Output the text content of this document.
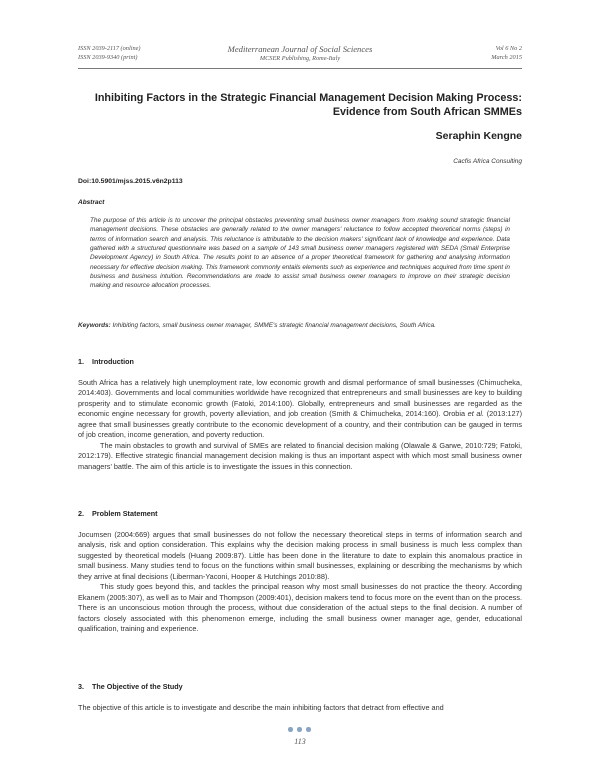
ISSN 2039-2117 (online)
ISSN 2039-9340 (print)
Mediterranean Journal of Social Sciences
MCSER Publishing, Rome-Italy
Vol 6 No 2
March 2015
Inhibiting Factors in the Strategic Financial Management Decision Making Process:
Evidence from South African SMMEs
Seraphin Kengne
Cacfis Africa Consulting
Doi:10.5901/mjss.2015.v6n2p113
Abstract
The purpose of this article is to uncover the principal obstacles preventing small business owner managers from making sound strategic financial management decisions. These obstacles are generally related to the owner managers' reluctance to follow accepted theoretical norms (steps) in terms of information search and analysis. This reluctance is attributable to the decision makers' significant lack of knowledge and experience. Data gathered with a structured questionnaire was based on a sample of 143 small business owner managers registered with SEDA (Small Enterprise Development Agency) in South Africa. The results point to an absence of a proper theoretical framework for gathering and analysing information necessary for effective decision making. This framework commonly entails elements such as experience and techniques acquired from time spent in business and business intuition. Recommendations are made to assist small business owner managers to improve on their strategic decision making and resource allocation processes.
Keywords: Inhibiting factors, small business owner manager, SMME's strategic financial management decisions, South Africa.
1. Introduction

South Africa has a relatively high unemployment rate, low economic growth and dismal performance of small businesses (Chimucheka, 2014:403). Governments and local communities worldwide have recognized that entrepreneurs and small businesses are key to building prosperity and to stimulate economic growth (Fatoki, 2014:100). Globally, entrepreneurs and small businesses are regarded as the economic engine necessary for growth, poverty alleviation, and job creation (Smith & Chimucheka, 2014:160). Orobia et al. (2013:127) agree that small businesses greatly contribute to the economic development of a country, and their contribution can be gauged in terms of job creation, income generation, and poverty reduction.

The main obstacles to growth and survival of SMEs are related to financial decision making (Olawale & Garwe, 2010:729; Fatoki, 2012:179). Effective strategic financial management decision making is thus an important aspect with which most small business owner managers' battle. The aim of this article is to investigate the issues in this connection.

2. Problem Statement

Jocumsen (2004:669) argues that small businesses do not follow the necessary theoretical steps in terms of information search and analysis, risk and option consideration. This explains why the decision making process in small business is much less complex than suggested by theoretical models (Huang 2009:87). Little has been done in the literature to date to explain this anomalous practice in small business. Many studies tend to focus on the functions within small businesses, explaining or describing the mechanisms by which they arrive at final decisions (Liberman-Yaconi, Hooper & Hutchings 2010:88).

This study goes beyond this, and tackles the principal reason why most small businesses do not practice the theory. According Ekanem (2005:307), as well as to Mair and Thompson (2009:401), decision makers tend to focus more on the event than on the process. There is an unconscious motion through the process, without due consideration of the actual steps to the final decision. A number of factors closely associated with this phenomenon emerge, including the small business owner manager age, gender, educational qualification, training and experience.

3. The Objective of the Study

The objective of this article is to investigate and describe the main inhibiting factors that detract from effective and

113
